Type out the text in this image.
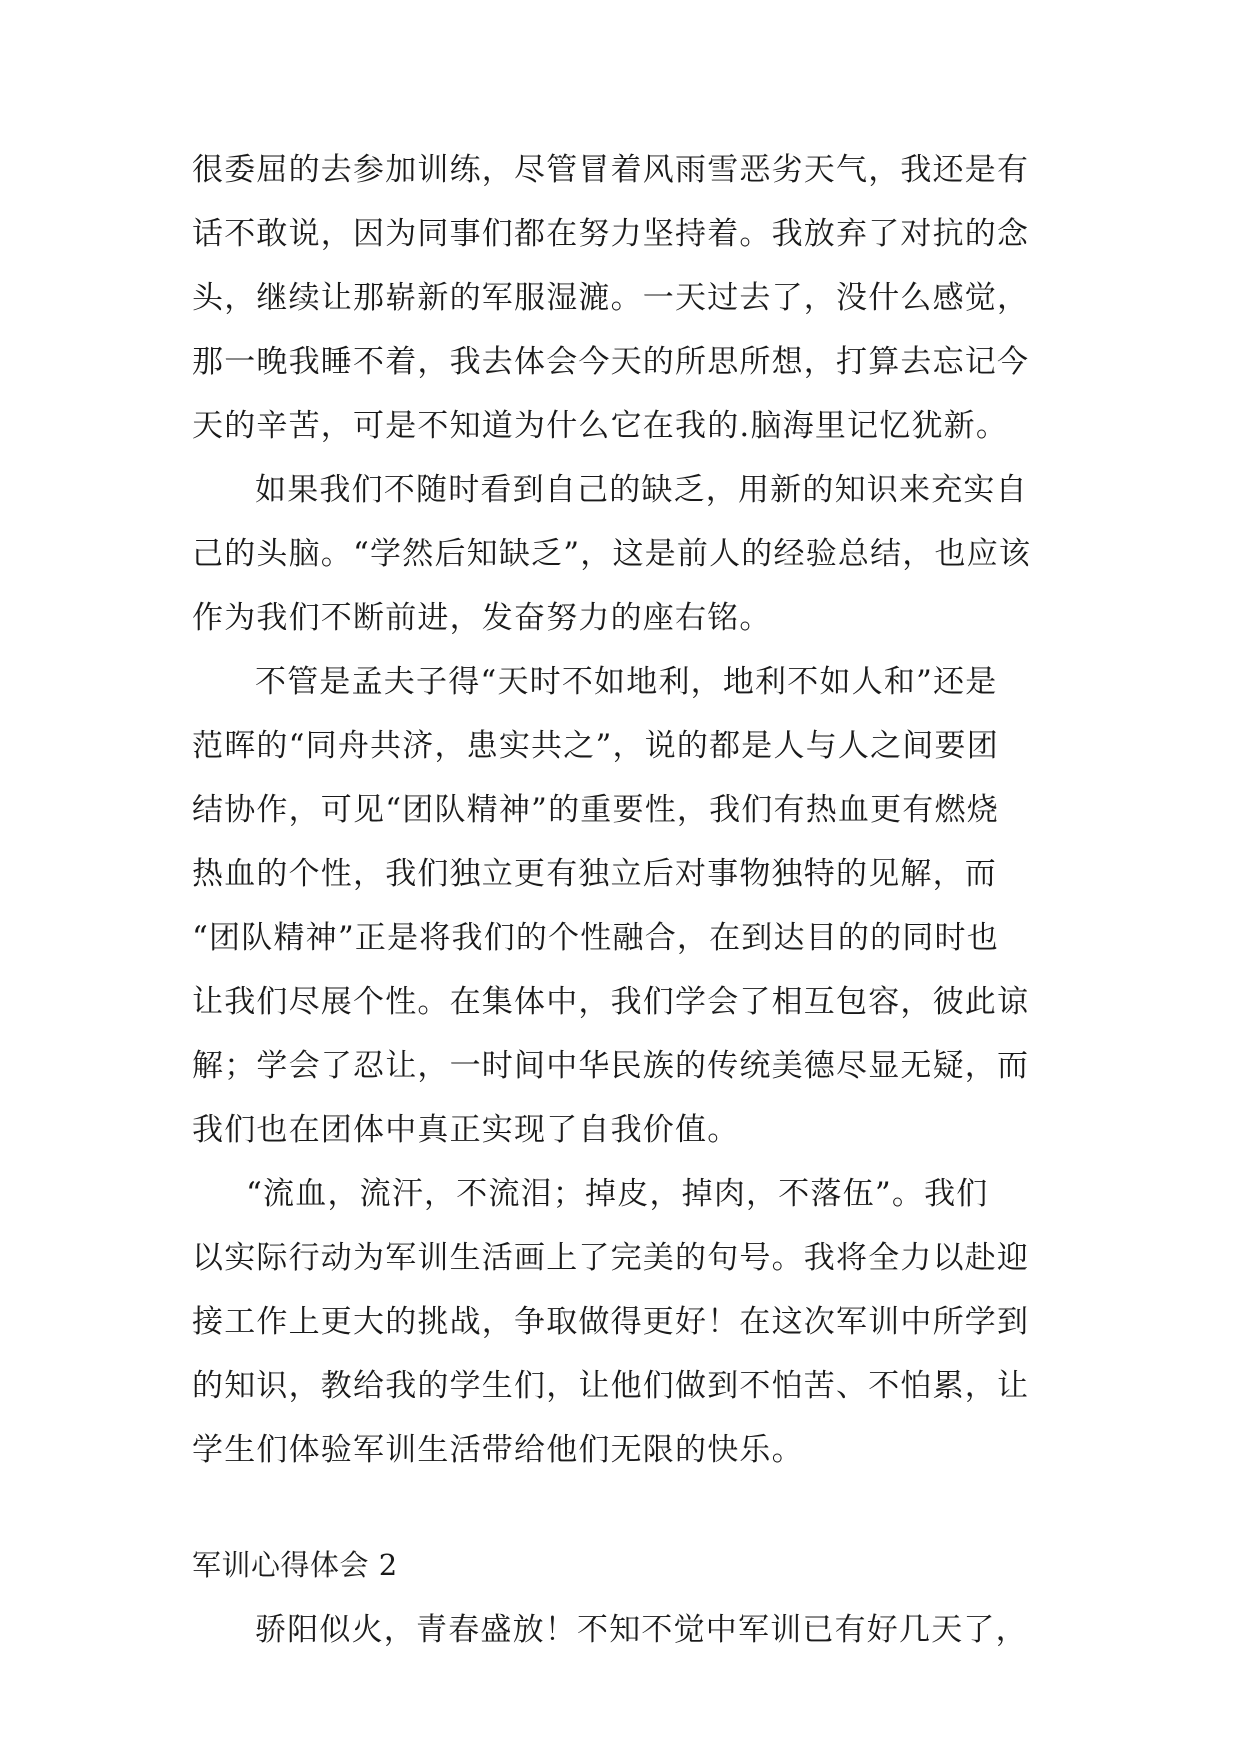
很委屈的去参加训练，尽管冒着风雨雪恶劣天气，我还是有
话不敢说，因为同事们都在努力坚持着。我放弃了对抗的念
头，继续让那崭新的军服湿漉。一天过去了，没什么感觉，
那一晚我睡不着，我去体会今天的所思所想，打算去忘记今
天的辛苦，可是不知道为什么它在我的.脑海里记忆犹新。
如果我们不随时看到自己的缺乏，用新的知识来充实自
己的头脑。“学然后知缺乏”，这是前人的经验总结，也应该
作为我们不断前进，发奋努力的座右铭。
不管是孟夫子得“天时不如地利，地利不如人和”还是
范晖的“同舟共济，患实共之”，说的都是人与人之间要团
结协作，可见“团队精神”的重要性，我们有热血更有燃烧
热血的个性，我们独立更有独立后对事物独特的见解，而
“团队精神”正是将我们的个性融合，在到达目的的同时也
让我们尽展个性。在集体中，我们学会了相互包容，彼此谅
解；学会了忍让，一时间中华民族的传统美德尽显无疑，而
我们也在团体中真正实现了自我价值。
“流血，流汗，不流泪；掉皮，掉肉，不落伍”。我们
以实际行动为军训生活画上了完美的句号。我将全力以赴迎
接工作上更大的挑战，争取做得更好！在这次军训中所学到
的知识，教给我的学生们，让他们做到不怕苦、不怕累，让
学生们体验军训生活带给他们无限的快乐。
军训心得体会 2
骄阳似火，青春盛放！不知不觉中军训已有好几天了，
